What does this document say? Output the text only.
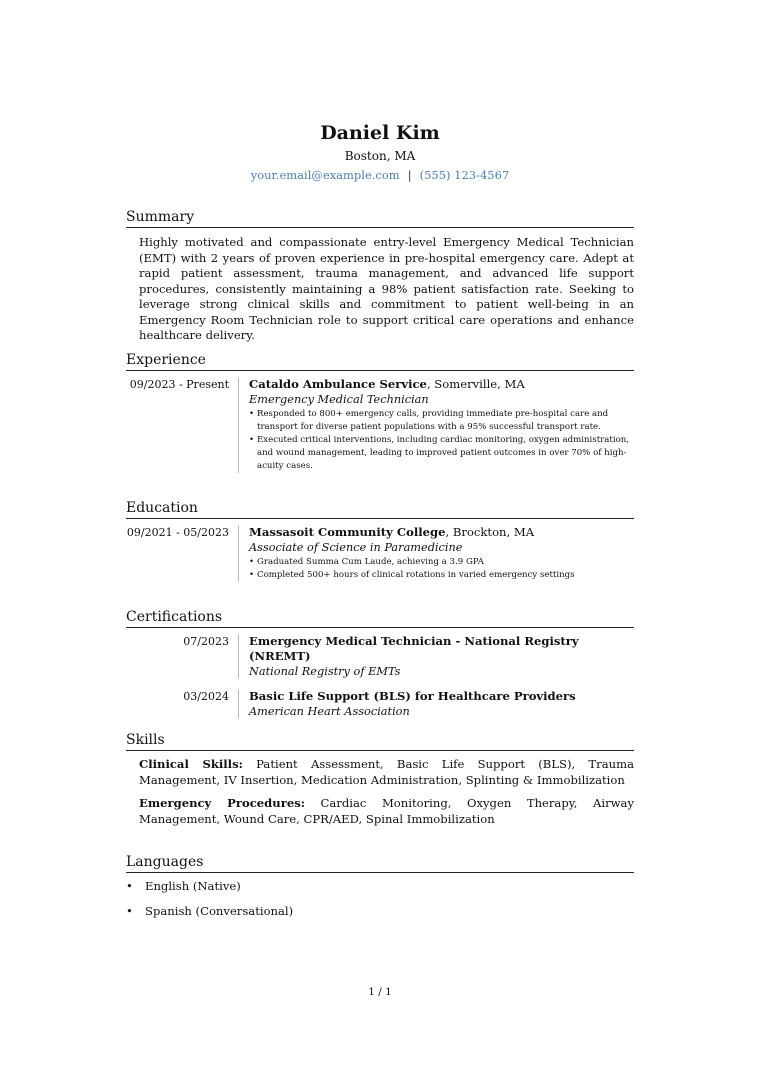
Daniel Kim
Boston, MA
your.email@example.com | (555) 123-4567
Summary
Highly motivated and compassionate entry-level Emergency Medical Technician (EMT) with 2 years of proven experience in pre-hospital emergency care. Adept at rapid patient assessment, trauma management, and advanced life support procedures, consistently maintaining a 98% patient satisfaction rate. Seeking to leverage strong clinical skills and commitment to patient well-being in an Emergency Room Technician role to support critical care operations and enhance healthcare delivery.
Experience
09/2023 - Present	Cataldo Ambulance Service, Somerville, MA
Emergency Medical Technician
• Responded to 800+ emergency calls, providing immediate pre-hospital care and transport for diverse patient populations with a 95% successful transport rate.
• Executed critical interventions, including cardiac monitoring, oxygen administration, and wound management, leading to improved patient outcomes in over 70% of high-acuity cases.
Education
09/2021 - 05/2023	Massasoit Community College, Brockton, MA
Associate of Science in Paramedicine
• Graduated Summa Cum Laude, achieving a 3.9 GPA
• Completed 500+ hours of clinical rotations in varied emergency settings
Certifications
07/2023	Emergency Medical Technician - National Registry (NREMT)
National Registry of EMTs
03/2024	Basic Life Support (BLS) for Healthcare Providers
American Heart Association
Skills
Clinical Skills: Patient Assessment, Basic Life Support (BLS), Trauma Management, IV Insertion, Medication Administration, Splinting & Immobilization
Emergency Procedures: Cardiac Monitoring, Oxygen Therapy, Airway Management, Wound Care, CPR/AED, Spinal Immobilization
Languages
• English (Native)
• Spanish (Conversational)
1 / 1
